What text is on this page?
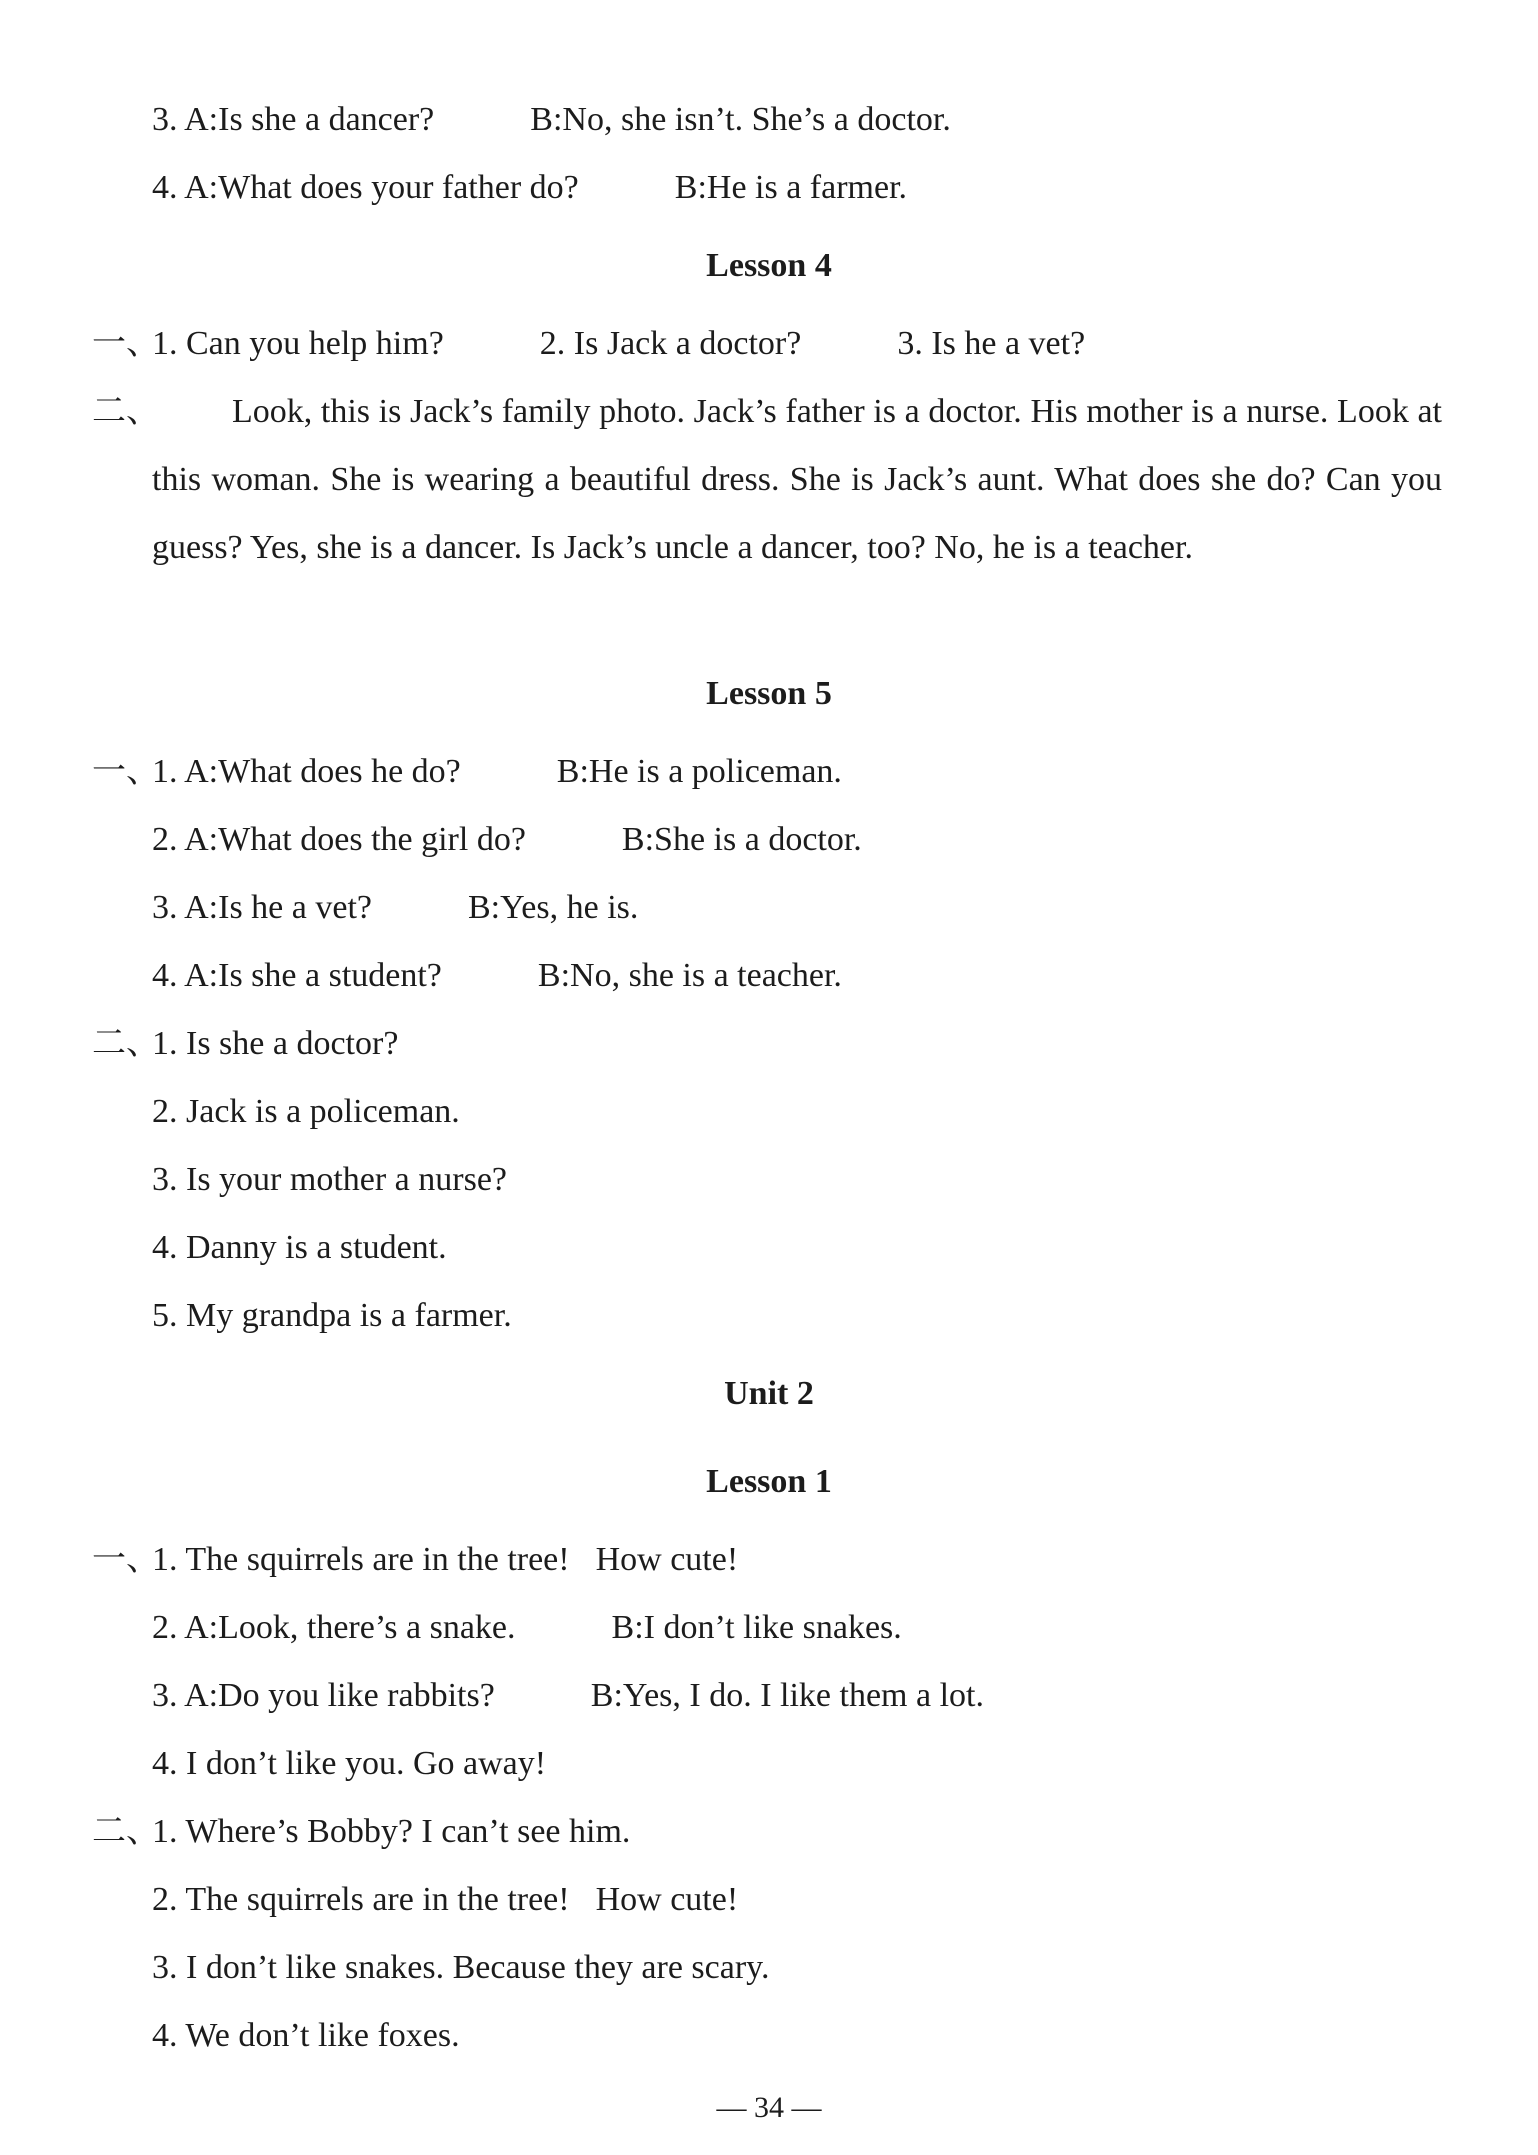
3. A:Is she a dancer?	B:No, she isn’t. She’s a doctor.
4. A:What does your father do?	B:He is a farmer.
Lesson 4
一、1. Can you help him?	2. Is Jack a doctor?	3. Is he a vet?
二、	Look, this is Jack’s family photo. Jack’s father is a doctor. His mother is a nurse. Look at this woman. She is wearing a beautiful dress. She is Jack’s aunt. What does she do? Can you guess? Yes, she is a dancer. Is Jack’s uncle a dancer, too? No, he is a teacher.
Lesson 5
一、1. A:What does he do?	B:He is a policeman.
2. A:What does the girl do?	B:She is a doctor.
3. A:Is he a vet?	B:Yes, he is.
4. A:Is she a student?	B:No, she is a teacher.
二、1. Is she a doctor?
2. Jack is a policeman.
3. Is your mother a nurse?
4. Danny is a student.
5. My grandpa is a farmer.
Unit 2
Lesson 1
一、1. The squirrels are in the tree! How cute!
2. A:Look, there’s a snake.	B:I don’t like snakes.
3. A:Do you like rabbits?	B:Yes, I do. I like them a lot.
4. I don’t like you. Go away!
二、1. Where’s Bobby? I can’t see him.
2. The squirrels are in the tree! How cute!
3. I don’t like snakes. Because they are scary.
4. We don’t like foxes.
— 34 —
